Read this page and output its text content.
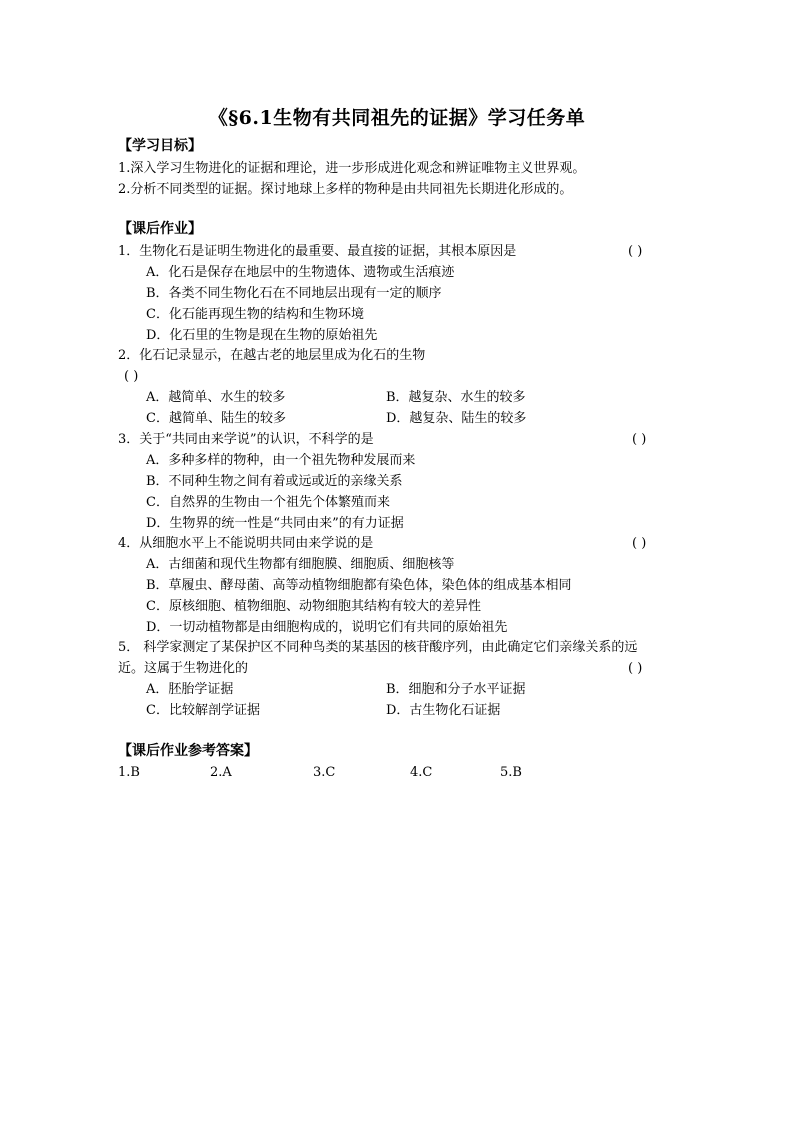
《§6.1生物有共同祖先的证据》学习任务单
【学习目标】
1.深入学习生物进化的证据和理论，进一步形成进化观念和辨证唯物主义世界观。
2.分析不同类型的证据。探讨地球上多样的物种是由共同祖先长期进化形成的。
【课后作业】
1．生物化石是证明生物进化的最重要、最直接的证据，其根本原因是	( )
A．化石是保存在地层中的生物遗体、遗物或生活痕迹
B．各类不同生物化石在不同地层出现有一定的顺序
C．化石能再现生物的结构和生物环境
D．化石里的生物是现在生物的原始祖先
2．化石记录显示，在越古老的地层里成为化石的生物
( )
A．越简单、水生的较多	B．越复杂、水生的较多
C．越简单、陆生的较多	D．越复杂、陆生的较多
3．关于“共同由来学说”的认识，不科学的是	( )
A．多种多样的物种，由一个祖先物种发展而来
B．不同种生物之间有着或远或近的亲缘关系
C．自然界的生物由一个祖先个体繁殖而来
D．生物界的统一性是“共同由来”的有力证据
4．从细胞水平上不能说明共同由来学说的是	( )
A．古细菌和现代生物都有细胞膜、细胞质、细胞核等
B．草履虫、酵母菌、高等动植物细胞都有染色体，染色体的组成基本相同
C．原核细胞、植物细胞、动物细胞其结构有较大的差异性
D．一切动植物都是由细胞构成的，说明它们有共同的原始祖先
5． 科学家测定了某保护区不同种鸟类的某基因的核苷酸序列，由此确定它们亲缘关系的远
近。这属于生物进化的	( )
A．胚胎学证据	B．细胞和分子水平证据
C．比较解剖学证据	D．古生物化石证据
【课后作业参考答案】
1.B	2.A	3.C	4.C	5.B
